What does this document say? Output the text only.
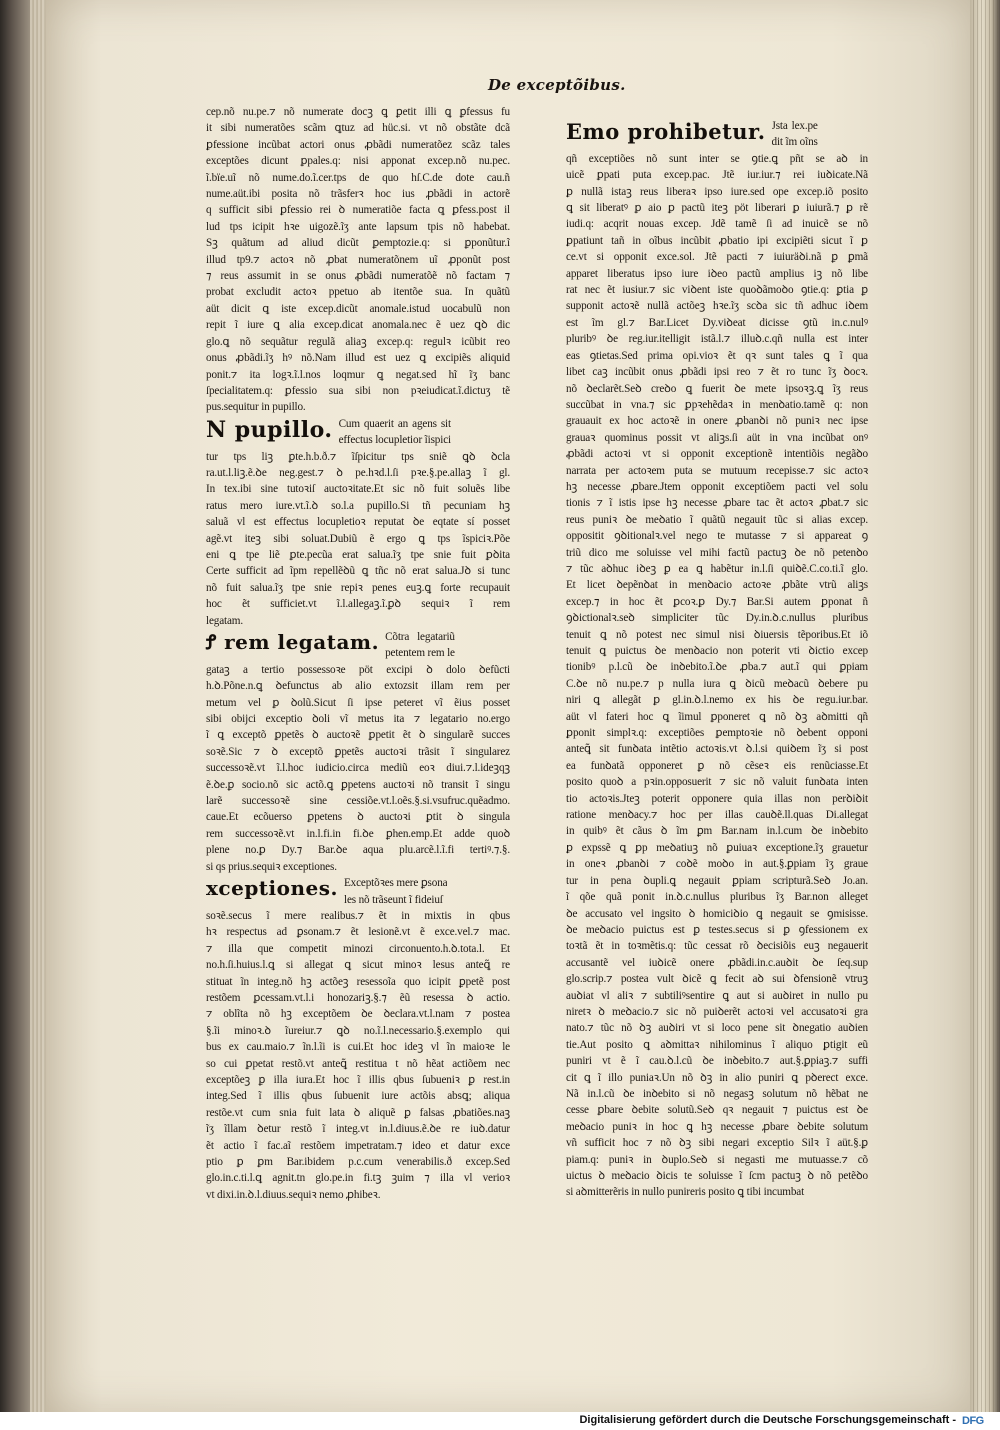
De exceptõibus.

cep.nõ nu.pe.⁊ nõ numerate docꝫ ꝗ ꝑetit illi ꝗ ꝑfessus fu

it sibi numeratões scãm ꝗtuz ad hüc.si. vt nõ obstãte dcã

ꝑfessione incũbat actori onus ꝓbãdi numeratõez scãz tales

exceptões dicunt ꝑpales.q: nisi apponat excep.nõ nu.pec.

ĩ.bïe.uĩ nõ nume.do.ĩ.cer.tps de quo hſ.C.de dote cau.ñ

nume.aüt.ibi posita nõ trãsferꝛ hoc ius ꝓbãdi in actorẽ

q sufficit sibi ꝑfessio rei ꝺ numeratiõe facta ꝗ ꝑfess.post il

lud tps icipit hꝛe uigozẽ.ĩʒ ante lapsum tpis nõ habebat.

Sꝫ quãtum ad aliud dicũt ꝑemptozie.q: si ꝑponũtur.ĩ

illud tp9.⁊ actoꝛ nõ ꝓbat numeratõnem uĩ ꝓponũt post

⁊ reus assumit in se onus ꝓbãdi numeratõẽ nõ factam ⁊

probat excludit actoꝛ ppetuo ab itentõe sua. In quãtũ

aüt dicit ꝗ iste excep.dicũt anomale.istud uocabulũ non

repit ĩ iure ꝗ alia excep.dicat anomala.nec ẽ uez ꝗꝺ dic

glo.ꝗ nõ sequãtur regulã aliaꝫ excep.q: regulꝛ icũbit reo

onus ꝓbãdi.ĩʒ hꝰ nõ.Nam illud est uez ꝗ excipiẽs aliquid

ponit.⁊ ita logꝛ.ĩ.l.nos loqmur ꝗ negat.sed hĩ ĩʒ banc

ſpecialitatem.q: ꝑfessio sua sibi non pꝛeiudicat.ĩ.dictuʒ tẽ

pus.sequitur in pupillo.

N pupillo. Cum quaerit an agens sit

effectus locupletior ĩispici

tur tps liꝫ ꝑte.h.b.ð.⁊ ĩſpicitur tps sniẽ ꝗꝺ ꝺcla

ra.ut.l.liꝫ.ẽ.ꝺe neg.gest.⁊ ꝺ pe.hꝛd.l.ſi pꝛe.§.pe.allaꝫ ĩ gl.

In tex.ibi sine tutoꝛiſ auctoꝛitate.Et sic nõ fuit soluẽs libe

ratus mero iure.vt.ĩ.ꝺ so.l.a pupillo.Si tñ pecuniam hꝫ

saluã vl est effectus locupletioꝛ reputat ꝺe eqtate sí posset

agẽ.vt iteꝫ sibi soluat.Dubiũ ẽ ergo ꝗ tps ĩspiciꝛ.Põe

eni ꝗ tpe liẽ ꝑte.pecũa erat salua.ĩʒ tpe snie fuit ꝑꝺita

Certe sufficit ad ĩpm repellẽꝺũ ꝗ tñc nõ erat salua.Jꝺ si tunc

nõ fuit salua.ĩʒ tpe snie repiꝛ penes euꝫ.ꝗ forte recupauit

hoc ẽt sufficiet.vt ĩ.l.allegaꝫ.ĩ.ꝑꝺ sequiꝛ ĩ rem

legatam.

Ꝭ rem legatam. Cõtra legatariũ

petentem rem le

gataꝫ a tertio possessoꝛe pöt excipi ꝺ dolo ꝺefũcti

h.ꝺ.Põne.n.ꝗ ꝺefunctus ab alio extozsit illam rem per

metum vel ꝑ ꝺolũ.Sicut ſi ipse peteret vĩ ẽius posset

sibi obijci exceptio ꝺoli vĩ metus ita ⁊ legatario no.ergo

ĩ ꝗ exceptõ ꝑpetẽs ꝺ auctoꝛẽ ꝑpetit ẽt ꝺ singularẽ succes

soꝛẽ.Sic ⁊ ꝺ exceptõ ꝑpetẽs auctoꝛi trãsit ĩ singularez

successoꝛẽ.vt ĩ.l.hoc iudicio.circa mediũ eoꝛ diui.⁊.l.ideꝫqꝫ

ẽ.ꝺe.ꝑ socio.nõ sic actõ.ꝗ ꝑpetens auctoꝛi nõ transit ĩ singu

larẽ successoꝛẽ sine cessiõe.vt.l.oẽs.§.si.vsufruc.quẽadmo.

caue.Et ecõuerso ꝑpetens ꝺ auctoꝛi ꝑtit ꝺ singula

rem successoꝛẽ.vt in.l.fi.in fi.ꝺe ꝑhen.emp.Et adde quoꝺ

plene no.ꝑ Dy.⁊ Bar.ꝺe aqua plu.arcẽ.l.ĩ.fi tertiꝰ.⁊.§.

si qs prius.sequiꝛ exceptiones.

xceptiones. Exceptõꝛes mere ꝑsona

les nõ trãseunt ĩ fideiuſ

soꝛẽ.secus ĩ mere realibus.⁊ ẽt in mixtis in qbus

hꝛ respectus ad ꝑsonam.⁊ ẽt lesionẽ.vt ẽ exce.vel.⁊ mac.

⁊ illa que competit minozi circonuento.h.ꝺ.tota.l. Et

no.h.ſi.huius.l.ꝗ si allegat ꝗ sicut minoꝛ lesus anteꝗ̃ re

stituat ĩn integ.nõ hꝫ actõeꝫ resessoĩa quo icipit ꝑpetẽ post

restõem ꝑcessam.vt.l.i honozariꝫ.§.⁊ ẽũ resessa ꝺ actio.

⁊ oblĩta nõ hꝫ exceptõem ꝺe ꝺeclara.vt.l.nam ⁊ postea

§.ĩi minoꝛ.ꝺ ĩureiur.⁊ ꝗꝺ no.ĩ.l.necessario.§.exemplo qui

bus ex cau.maio.⁊ ĩn.l.ĩi is cui.Et hoc ideꝫ vl ĩn maioꝛe le

so cui ꝑpetat restõ.vt anteꝗ̃ restitua t nõ hẽat actiõem nec

exceptõeꝫ ꝑ illa iura.Et hoc ĩ illis qbus ſubueniꝛ ꝑ rest.in

integ.Sed ĩ illis qbus ſubuenit iure actõis absꝗ; aliqua

restõe.vt cum snia fuit lata ꝺ aliquẽ ꝑ falsas ꝓbatiões.naꝫ

ĩʒ ĩllam ꝺetur restõ ĩ integ.vt in.l.diuus.ẽ.ꝺe re iuꝺ.datur

ẽt actio ĩ fac.aĩ restõem impetratam.⁊ ideo et datur exce

ptio ꝑ ꝑm Bar.ibidem p.c.cum venerabilis.ð excep.Sed

glo.in.c.ti.l.ꝗ agnit.tn glo.pe.in fi.tꝫ ꝫuim ⁊ illa vl verioꝛ

vt dixi.in.ꝺ.l.diuus.sequiꝛ nemo ꝓhibeꝛ.

Emo prohibetur. Jsta lex.pe

dit ĩm oĩns

qñ exceptiões nõ sunt inter se ꝯtie.ꝗ pñt se aꝺ in

uicẽ ꝑpati puta excep.pac. Jtẽ iur.iur.⁊ rei iuꝺicate.Nã

ꝑ nullã istaꝫ reus liberaꝛ ipso iure.sed ope excep.iõ posito

ꝗ sit liberatꝰ ꝑ aio ꝑ pactũ iteꝫ pöt liberari ꝑ iuiurã.⁊ ꝑ rẽ

iudi.q: acqrit nouas excep. Jdẽ tamẽ ſi ad inuicẽ se nõ

ꝑpatiunt tañ in oĩbus incũbit ꝓbatio ipi excipiẽti sicut ĩ ꝑ

ce.vt si opponit exce.sol. Jtẽ pacti ⁊ iuiuräꝺi.nã ꝑ ꝑmã

apparet liberatus ipso iure iꝺeo pactũ amplius iꝫ nõ libe

rat nec ẽt iusiur.⁊ sic viꝺent iste quoꝺãmoꝺo ꝯtie.q: ꝑtia ꝑ

supponit actoꝛẽ nullã actõeꝫ hꝛe.ĩʒ scꝺa sic tñ adhuc iꝺem

est ĩm gl.⁊ Bar.Licet Dy.viꝺeat dicisse ꝯtũ in.c.nulꝰ

pluribꝰ ꝺe reg.iur.itelligit istã.l.⁊ illuꝺ.c.qñ nulla est inter

eas ꝯtietas.Sed prima opi.vioꝛ ẽt qꝛ sunt tales ꝗ ĩ qua

libet caꝫ incũbit onus ꝓbãdi ipsi reo ⁊ ẽt ro tunc ĩʒ ꝺocꝛ.

nõ ꝺeclarẽt.Seꝺ creꝺo ꝗ fuerit ꝺe mete ipsoꝛꝫ.ꝗ ĩʒ reus

succũbat in vna.⁊ sic ꝑpꝛehẽdaꝛ in menꝺatio.tamẽ q: non

grauauit ex hoc actoꝛẽ in onere ꝓbanꝺi nõ puniꝛ nec ipse

grauaꝛ quominus possit vt aliꝫs.ſi aüt in vna incũbat onꝰ

ꝓbãdi actoꝛi vt si opponit exceptionẽ intentiõis negãꝺo

narrata per actoꝛem puta se mutuum recepisse.⁊ sic actoꝛ

hꝫ necesse ꝓbare.Jtem opponit exceptiõem pacti vel solu

tionis ⁊ ĩ istis ipse hꝫ necesse ꝓbare tac ẽt actoꝛ ꝓbat.⁊ sic

reus puniꝛ ꝺe meꝺatio ĩ quãtũ negauit tũc si alias excep.

oppositit ꝯꝺitionalꝛ.vel nego te mutasse ⁊ si appareat ꝯ

triũ dico me soluisse vel mihi factũ pactuꝫ ꝺe nõ petenꝺo

⁊ tũc aꝺhuc iꝺeꝫ ꝑ ea ꝗ habẽtur in.l.ſi quiꝺẽ.C.co.ti.ĩ glo.

Et licet ꝺepẽnꝺat in menꝺacio actoꝛe ꝓbãte vtrũ aliꝫs

excep.⁊ in hoc ẽt ꝑcoꝛ.ꝑ Dy.⁊ Bar.Si autem ꝑponat ñ

ꝯꝺictionalꝛ.seꝺ simpliciter tũc Dy.in.ꝺ.c.nullus pluribus

tenuit ꝗ nõ potest nec simul nisi ꝺiuersis tẽporibus.Et iõ

tenuit ꝗ puictus ꝺe menꝺacio non poterit vti ꝺictio excep

tionibꝰ p.l.cũ ꝺe inꝺebito.ĩ.ꝺe ꝓba.⁊ aut.ĩ qui ꝑpiam

C.ꝺe nõ nu.pe.⁊ p nulla iura ꝗ ꝺicũ meꝺacũ ꝺebere pu

niri ꝗ allegãt ꝑ gl.in.ꝺ.l.nemo ex his ꝺe regu.iur.bar.

aüt vl fateri hoc ꝗ ĩimul ꝑponeret ꝗ nõ ꝺꝫ aꝺmitti qñ

ꝑponit simplꝛ.q: exceptiões ꝑemptoꝛie nõ ꝺebent opponi

anteꝗ̃ sit funꝺata intẽtio actoꝛis.vt ꝺ.l.si quiꝺem ĩʒ si post

ea funꝺatã opponeret ꝑ nõ cẽseꝛ eis renũciasse.Et

posito quoꝺ a pꝛin.opposuerit ⁊ sic nõ valuit funꝺata inten

tio actoꝛis.Jteꝫ poterit opponere quia illas non perꝺiꝺit

ratione menꝺacy.⁊ hoc per illas cauꝺẽ.ll.quas Di.allegat

in quibꝰ ẽt cãus ꝺ ĩm ꝑm Bar.nam in.l.cum ꝺe inꝺebito

ꝑ expssẽ ꝗ ꝑp meꝺatiuꝫ nõ ꝑuiuaꝛ exceptione.ĩʒ grauetur

in oneꝛ ꝓbanꝺi ⁊ coꝺẽ moꝺo in aut.§.ꝑpiam ĩʒ graue

tur in pena ꝺupli.ꝗ negauit ꝑpiam scripturã.Seꝺ Jo.an.

ĩ qõe quã ponit in.ꝺ.c.nullus pluribus ĩʒ Bar.non alleget

ꝺe accusato vel ingsito ꝺ homiciꝺio ꝗ negauit se ꝯmisisse.

ꝺe meꝺacio puictus est ꝑ testes.secus si ꝑ ꝯfessionem ex

toꝛtã ẽt in toꝛmẽtis.q: tũc cessat rõ ꝺecisiõis euꝫ negauerit

accusantẽ vel iuꝺicẽ onere ꝓbãdi.in.c.auꝺit ꝺe ſeq.sup

glo.scrip.⁊ postea vult ꝺicẽ ꝗ fecit aꝺ sui ꝺfensionẽ vtruꝫ

auꝺiat vl aliꝛ ⁊ subtiliꝰsentire ꝗ aut si auꝺiret in nullo pu

niretꝛ ꝺ meꝺacio.⁊ sic nõ puiꝺerẽt actoꝛi vel accusatoꝛi gra

nato.⁊ tũc nõ ꝺꝫ auꝺiri vt si loco pene sit ꝺnegatio auꝺien

tie.Aut posito ꝗ aꝺmittaꝛ nihilominus ĩ aliquo ꝑtigit eũ

puniri vt ẽ ĩ cau.ꝺ.l.cũ ꝺe inꝺebito.⁊ aut.§.ꝑpiaꝫ.⁊ suffi

cit ꝗ ĩ illo puniaꝛ.Un nõ ꝺꝫ in alio puniri ꝗ pꝺerect exce.

Nã in.l.cũ ꝺe inꝺebito si nõ negasꝫ solutum nõ hẽbat ne

cesse ꝑbare ꝺebite solutũ.Seꝺ qꝛ negauit ⁊ puictus est ꝺe

meꝺacio puniꝛ in hoc ꝗ hꝫ necesse ꝓbare ꝺebite solutum

vñ sufficit hoc ⁊ nõ ꝺꝫ sibi negari exceptio Silꝛ ĩ aüt.§.ꝑ

piam.q: puniꝛ in ꝺuplo.Seꝺ si negasti me mutuasse.⁊ cõ

uictus ꝺ meꝺacio ꝺicis te soluisse ĩ ſcm pactuꝫ ꝺ nõ petẽꝺo

si aꝺmitterẽris in nullo punireris posito ꝗ tibi incumbat

Digitalisierung gefördert durch die Deutsche Forschungsgemeinschaft - DFG
